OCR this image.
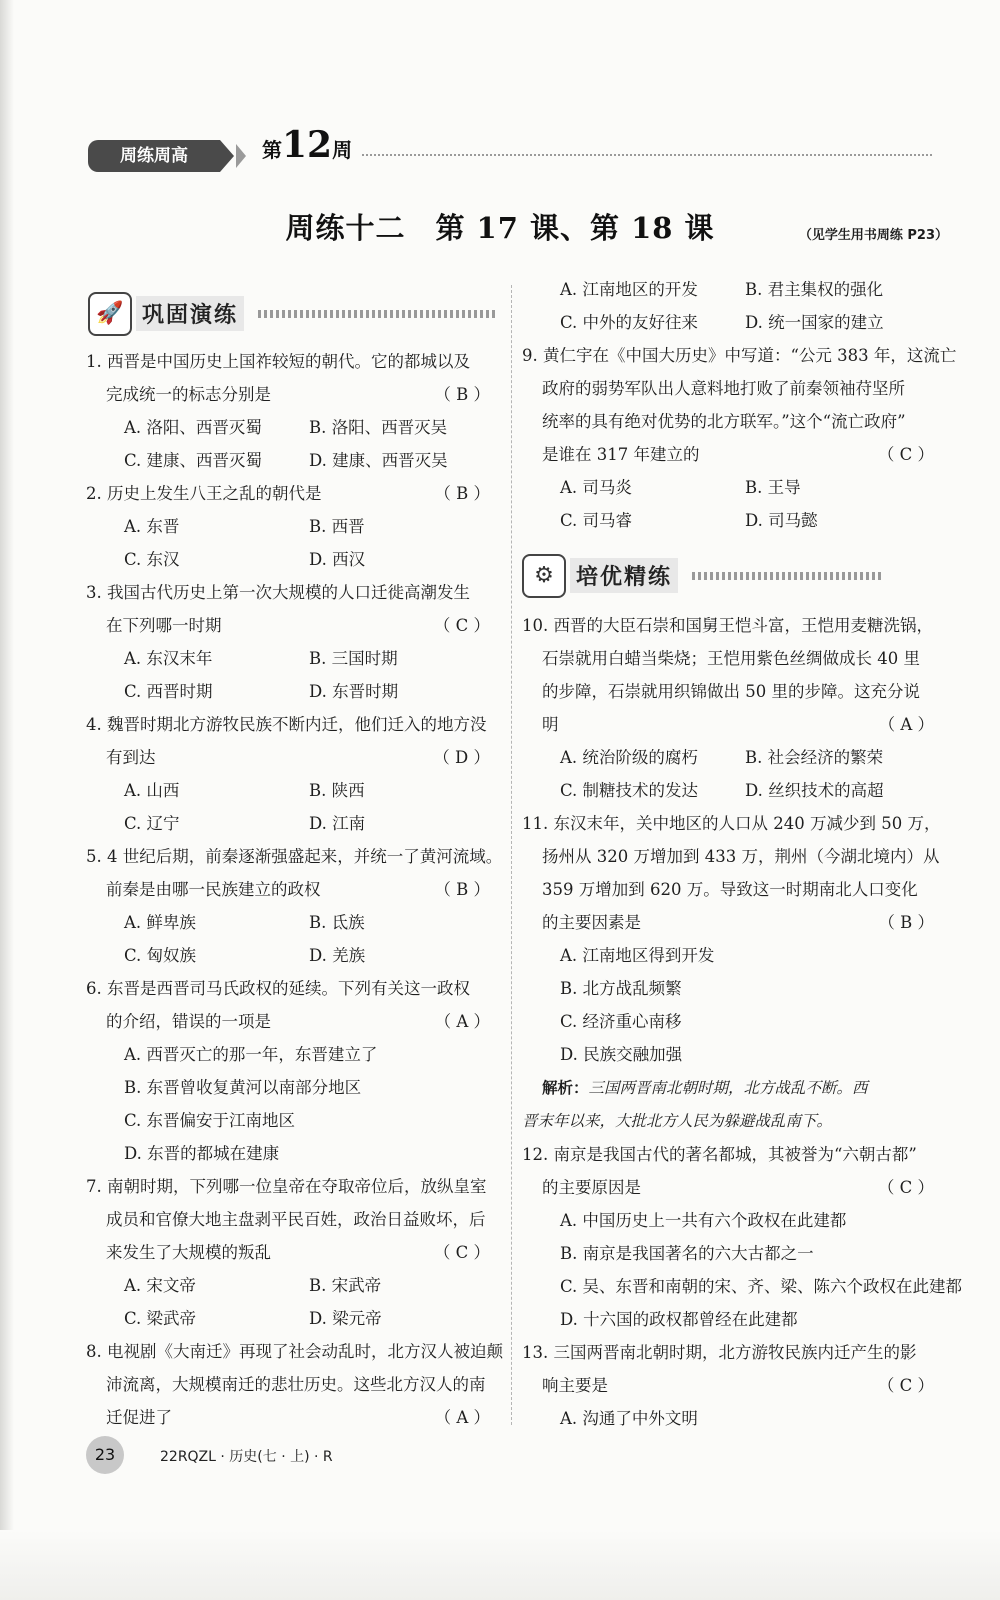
周练周高	第12周
周练十二　第 17 课、第 18 课	（见学生用书周练 P23）
🚀 巩固演练
1. 西晋是中国历史上国祚较短的朝代。它的都城以及
完成统一的标志分别是	（ B ）
A. 洛阳、西晋灭蜀	B. 洛阳、西晋灭吴
C. 建康、西晋灭蜀	D. 建康、西晋灭吴
2. 历史上发生八王之乱的朝代是	（ B ）
A. 东晋	B. 西晋
C. 东汉	D. 西汉
3. 我国古代历史上第一次大规模的人口迁徙高潮发生
在下列哪一时期	（ C ）
A. 东汉末年	B. 三国时期
C. 西晋时期	D. 东晋时期
4. 魏晋时期北方游牧民族不断内迁，他们迁入的地方没
有到达	（ D ）
A. 山西	B. 陕西
C. 辽宁	D. 江南
5. 4 世纪后期，前秦逐渐强盛起来，并统一了黄河流域。
前秦是由哪一民族建立的政权	（ B ）
A. 鲜卑族	B. 氐族
C. 匈奴族	D. 羌族
6. 东晋是西晋司马氏政权的延续。下列有关这一政权
的介绍，错误的一项是	（ A ）
A. 西晋灭亡的那一年，东晋建立了
B. 东晋曾收复黄河以南部分地区
C. 东晋偏安于江南地区
D. 东晋的都城在建康
7. 南朝时期，下列哪一位皇帝在夺取帝位后，放纵皇室
成员和官僚大地主盘剥平民百姓，政治日益败坏，后
来发生了大规模的叛乱	（ C ）
A. 宋文帝	B. 宋武帝
C. 梁武帝	D. 梁元帝
8. 电视剧《大南迁》再现了社会动乱时，北方汉人被迫颠
沛流离，大规模南迁的悲壮历史。这些北方汉人的南
迁促进了	（ A ）
A. 江南地区的开发	B. 君主集权的强化
C. 中外的友好往来	D. 统一国家的建立
9. 黄仁宇在《中国大历史》中写道：“公元 383 年，这流亡
政府的弱势军队出人意料地打败了前秦领袖苻坚所
统率的具有绝对优势的北方联军。”这个“流亡政府”
是谁在 317 年建立的	（ C ）
A. 司马炎	B. 王导
C. 司马睿	D. 司马懿
10. 西晋的大臣石崇和国舅王恺斗富，王恺用麦糖洗锅，
石崇就用白蜡当柴烧；王恺用紫色丝绸做成长 40 里
的步障，石崇就用织锦做出 50 里的步障。这充分说
明	（ A ）
A. 统治阶级的腐朽	B. 社会经济的繁荣
C. 制糖技术的发达	D. 丝织技术的高超
11. 东汉末年，关中地区的人口从 240 万减少到 50 万，
扬州从 320 万增加到 433 万，荆州（今湖北境内）从
359 万增加到 620 万。导致这一时期南北人口变化
的主要因素是	（ B ）
A. 江南地区得到开发
B. 北方战乱频繁
C. 经济重心南移
D. 民族交融加强
解析：三国两晋南北朝时期，北方战乱不断。西
晋末年以来，大批北方人民为躲避战乱南下。
12. 南京是我国古代的著名都城，其被誉为“六朝古都”
的主要原因是	（ C ）
A. 中国历史上一共有六个政权在此建都
B. 南京是我国著名的六大古都之一
C. 吴、东晋和南朝的宋、齐、梁、陈六个政权在此建都
D. 十六国的政权都曾经在此建都
13. 三国两晋南北朝时期，北方游牧民族内迁产生的影
响主要是	（ C ）
A. 沟通了中外文明
⚙	培优精练
23	22RQZL · 历史(七 · 上) · R
